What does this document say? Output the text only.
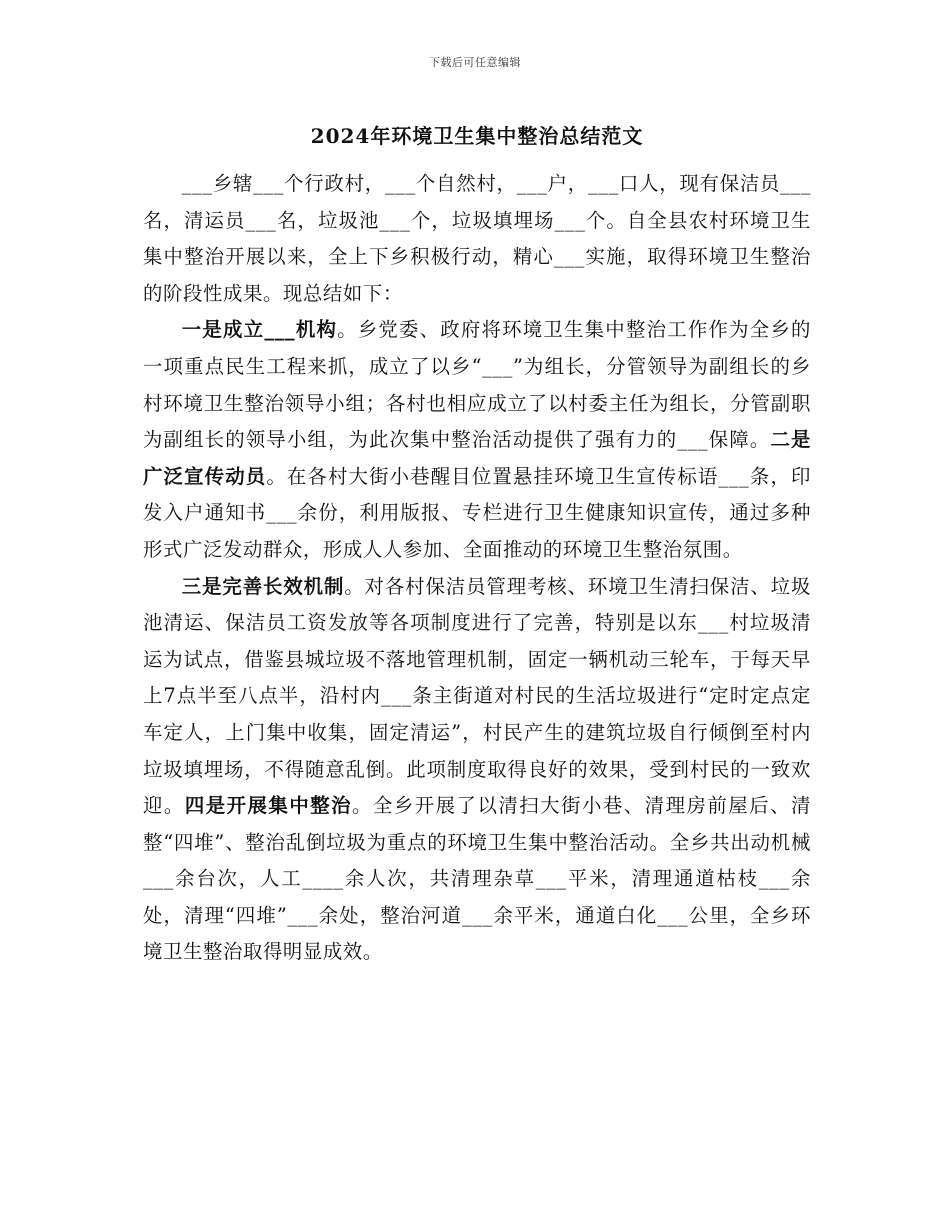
下载后可任意编辑
2024年环境卫生集中整治总结范文

___乡辖___个行政村，___个自然村，___户，___口人，现有保洁员___名，清运员___名，垃圾池___个，垃圾填埋场___个。自全县农村环境卫生集中整治开展以来，全上下乡积极行动，精心___实施，取得环境卫生整治的阶段性成果。现总结如下：

一是成立___机构。乡党委、政府将环境卫生集中整治工作作为全乡的一项重点民生工程来抓，成立了以乡“___”为组长，分管领导为副组长的乡村环境卫生整治领导小组；各村也相应成立了以村委主任为组长，分管副职为副组长的领导小组，为此次集中整治活动提供了强有力的___保障。二是广泛宣传动员。在各村大街小巷醒目位置悬挂环境卫生宣传标语___条，印发入户通知书___余份，利用版报、专栏进行卫生健康知识宣传，通过多种形式广泛发动群众，形成人人参加、全面推动的环境卫生整治氛围。

三是完善长效机制。对各村保洁员管理考核、环境卫生清扫保洁、垃圾池清运、保洁员工资发放等各项制度进行了完善，特别是以东___村垃圾清运为试点，借鉴县城垃圾不落地管理机制，固定一辆机动三轮车，于每天早上7点半至八点半，沿村内___条主街道对村民的生活垃圾进行“定时定点定车定人，上门集中收集，固定清运”，村民产生的建筑垃圾自行倾倒至村内垃圾填埋场，不得随意乱倒。此项制度取得良好的效果，受到村民的一致欢迎。四是开展集中整治。全乡开展了以清扫大街小巷、清理房前屋后、清整“四堆”、整治乱倒垃圾为重点的环境卫生集中整治活动。全乡共出动机械___余台次，人工____余人次，共清理杂草___平米，清理通道枯枝___余处，清理“四堆”___余处，整治河道___余平米，通道白化___公里，全乡环境卫生整治取得明显成效。
